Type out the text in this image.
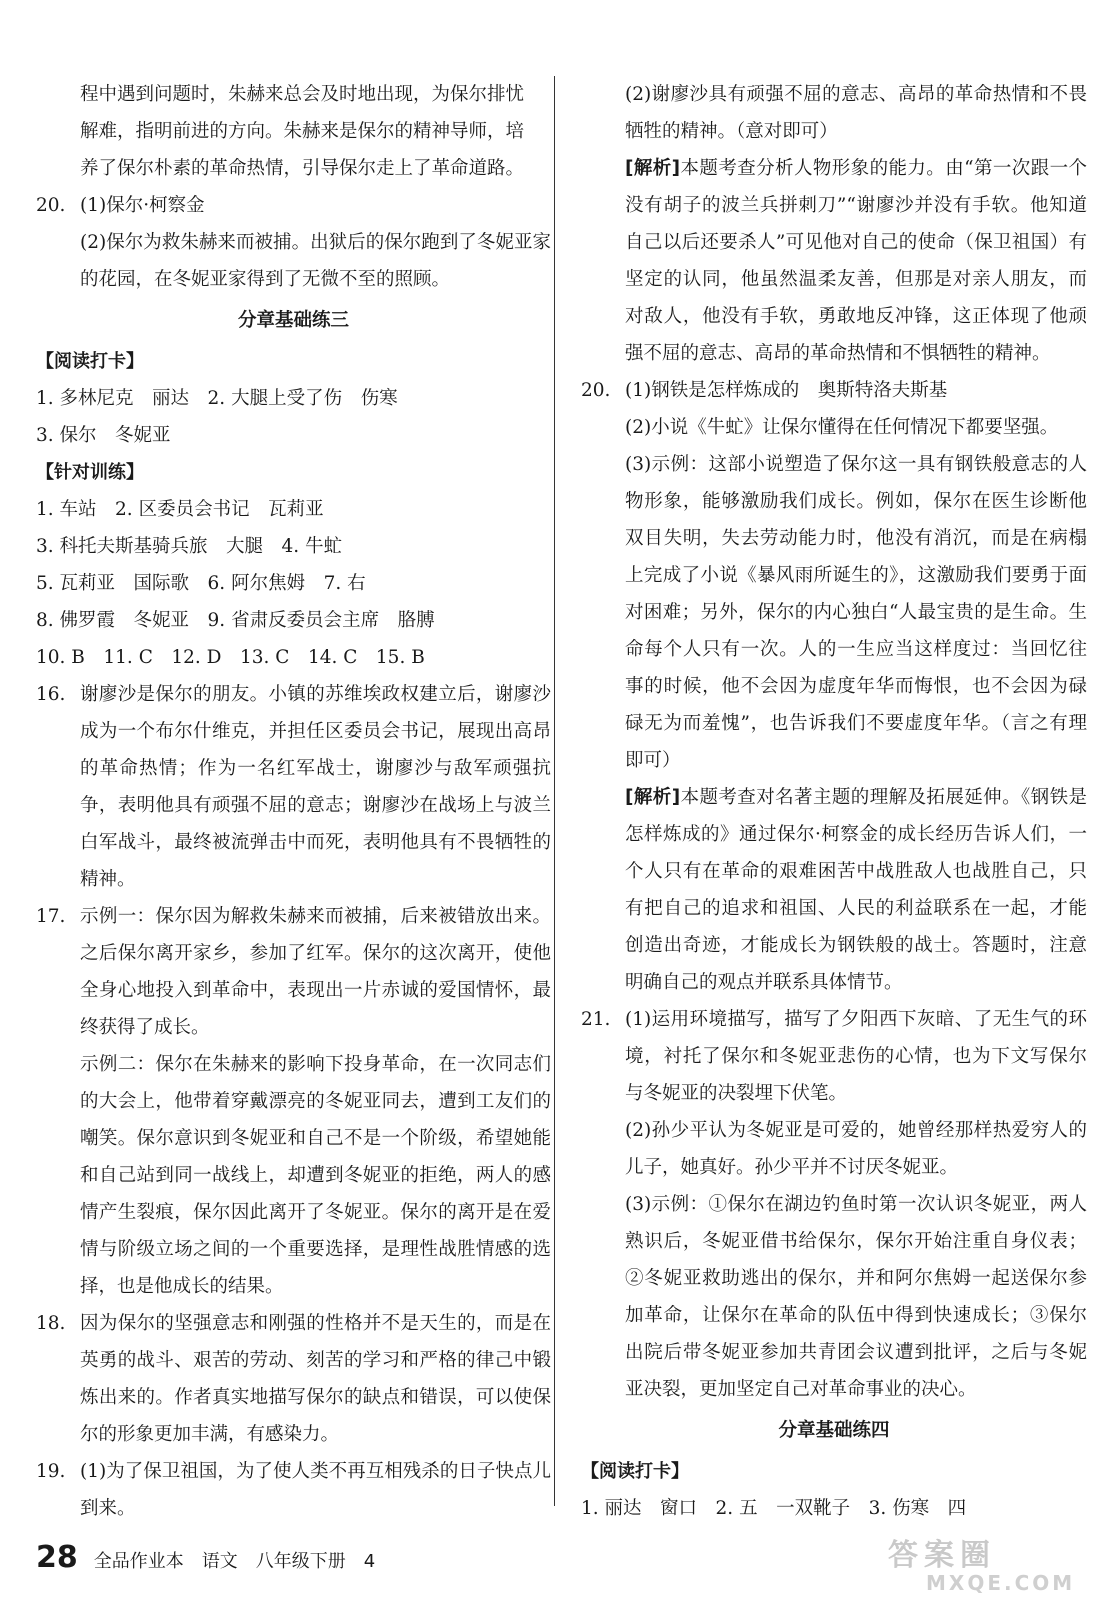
程中遇到问题时，朱赫来总会及时地出现，为保尔排忧
解难，指明前进的方向。朱赫来是保尔的精神导师，培
养了保尔朴素的革命热情，引导保尔走上了革命道路。
20. (1)保尔·柯察金
(2)保尔为救朱赫来而被捕。出狱后的保尔跑到了冬妮亚家的花园，在冬妮亚家得到了无微不至的照顾。
分章基础练三
【阅读打卡】
1. 多林尼克　丽达　2. 大腿上受了伤　伤寒
3. 保尔　冬妮亚
【针对训练】
1. 车站　2. 区委员会书记　瓦莉亚
3. 科托夫斯基骑兵旅　大腿　4. 牛虻
5. 瓦莉亚　国际歌　6. 阿尔焦姆　7. 右
8. 佛罗霞　冬妮亚　9. 省肃反委员会主席　胳膊
10. B　11. C　12. D　13. C　14. C　15. B
16. 谢廖沙是保尔的朋友。小镇的苏维埃政权建立后，谢廖沙成为一个布尔什维克，并担任区委员会书记，展现出高昂的革命热情；作为一名红军战士，谢廖沙与敌军顽强抗争，表明他具有顽强不屈的意志；谢廖沙在战场上与波兰白军战斗，最终被流弹击中而死，表明他具有不畏牺牲的精神。
17. 示例一：保尔因为解救朱赫来而被捕，后来被错放出来。之后保尔离开家乡，参加了红军。保尔的这次离开，使他全身心地投入到革命中，表现出一片赤诚的爱国情怀，最终获得了成长。
示例二：保尔在朱赫来的影响下投身革命，在一次同志们的大会上，他带着穿戴漂亮的冬妮亚同去，遭到工友们的嘲笑。保尔意识到冬妮亚和自己不是一个阶级，希望她能和自己站到同一战线上，却遭到冬妮亚的拒绝，两人的感情产生裂痕，保尔因此离开了冬妮亚。保尔的离开是在爱情与阶级立场之间的一个重要选择，是理性战胜情感的选择，也是他成长的结果。
18. 因为保尔的坚强意志和刚强的性格并不是天生的，而是在英勇的战斗、艰苦的劳动、刻苦的学习和严格的律己中锻炼出来的。作者真实地描写保尔的缺点和错误，可以使保尔的形象更加丰满，有感染力。
19. (1)为了保卫祖国，为了使人类不再互相残杀的日子快点儿到来。
(2)谢廖沙具有顽强不屈的意志、高昂的革命热情和不畏牺牲的精神。（意对即可）
[解析]本题考查分析人物形象的能力。由“第一次跟一个没有胡子的波兰兵拼刺刀”“谢廖沙并没有手软。他知道自己以后还要杀人”可见他对自己的使命（保卫祖国）有坚定的认同，他虽然温柔友善，但那是对亲人朋友，而对敌人，他没有手软，勇敢地反冲锋，这正体现了他顽强不屈的意志、高昂的革命热情和不惧牺牲的精神。
20. (1)钢铁是怎样炼成的　奥斯特洛夫斯基
(2)小说《牛虻》让保尔懂得在任何情况下都要坚强。
(3)示例：这部小说塑造了保尔这一具有钢铁般意志的人物形象，能够激励我们成长。例如，保尔在医生诊断他双目失明，失去劳动能力时，他没有消沉，而是在病榻上完成了小说《暴风雨所诞生的》，这激励我们要勇于面对困难；另外，保尔的内心独白“人最宝贵的是生命。生命每个人只有一次。人的一生应当这样度过：当回忆往事的时候，他不会因为虚度年华而悔恨，也不会因为碌碌无为而羞愧”，也告诉我们不要虚度年华。（言之有理即可）
[解析]本题考查对名著主题的理解及拓展延伸。《钢铁是怎样炼成的》通过保尔·柯察金的成长经历告诉人们，一个人只有在革命的艰难困苦中战胜敌人也战胜自己，只有把自己的追求和祖国、人民的利益联系在一起，才能创造出奇迹，才能成长为钢铁般的战士。答题时，注意明确自己的观点并联系具体情节。
21. (1)运用环境描写，描写了夕阳西下灰暗、了无生气的环境，衬托了保尔和冬妮亚悲伤的心情，也为下文写保尔与冬妮亚的决裂埋下伏笔。
(2)孙少平认为冬妮亚是可爱的，她曾经那样热爱穷人的儿子，她真好。孙少平并不讨厌冬妮亚。
(3)示例：①保尔在湖边钓鱼时第一次认识冬妮亚，两人熟识后，冬妮亚借书给保尔，保尔开始注重自身仪表；②冬妮亚救助逃出的保尔，并和阿尔焦姆一起送保尔参加革命，让保尔在革命的队伍中得到快速成长；③保尔出院后带冬妮亚参加共青团会议遭到批评，之后与冬妮亚决裂，更加坚定自己对革命事业的决心。
分章基础练四
【阅读打卡】
1. 丽达　窗口　2. 五　一双靴子　3. 伤寒　四
28 全品作业本　语文　八年级下册　4	答案圈
MXQE.COM
